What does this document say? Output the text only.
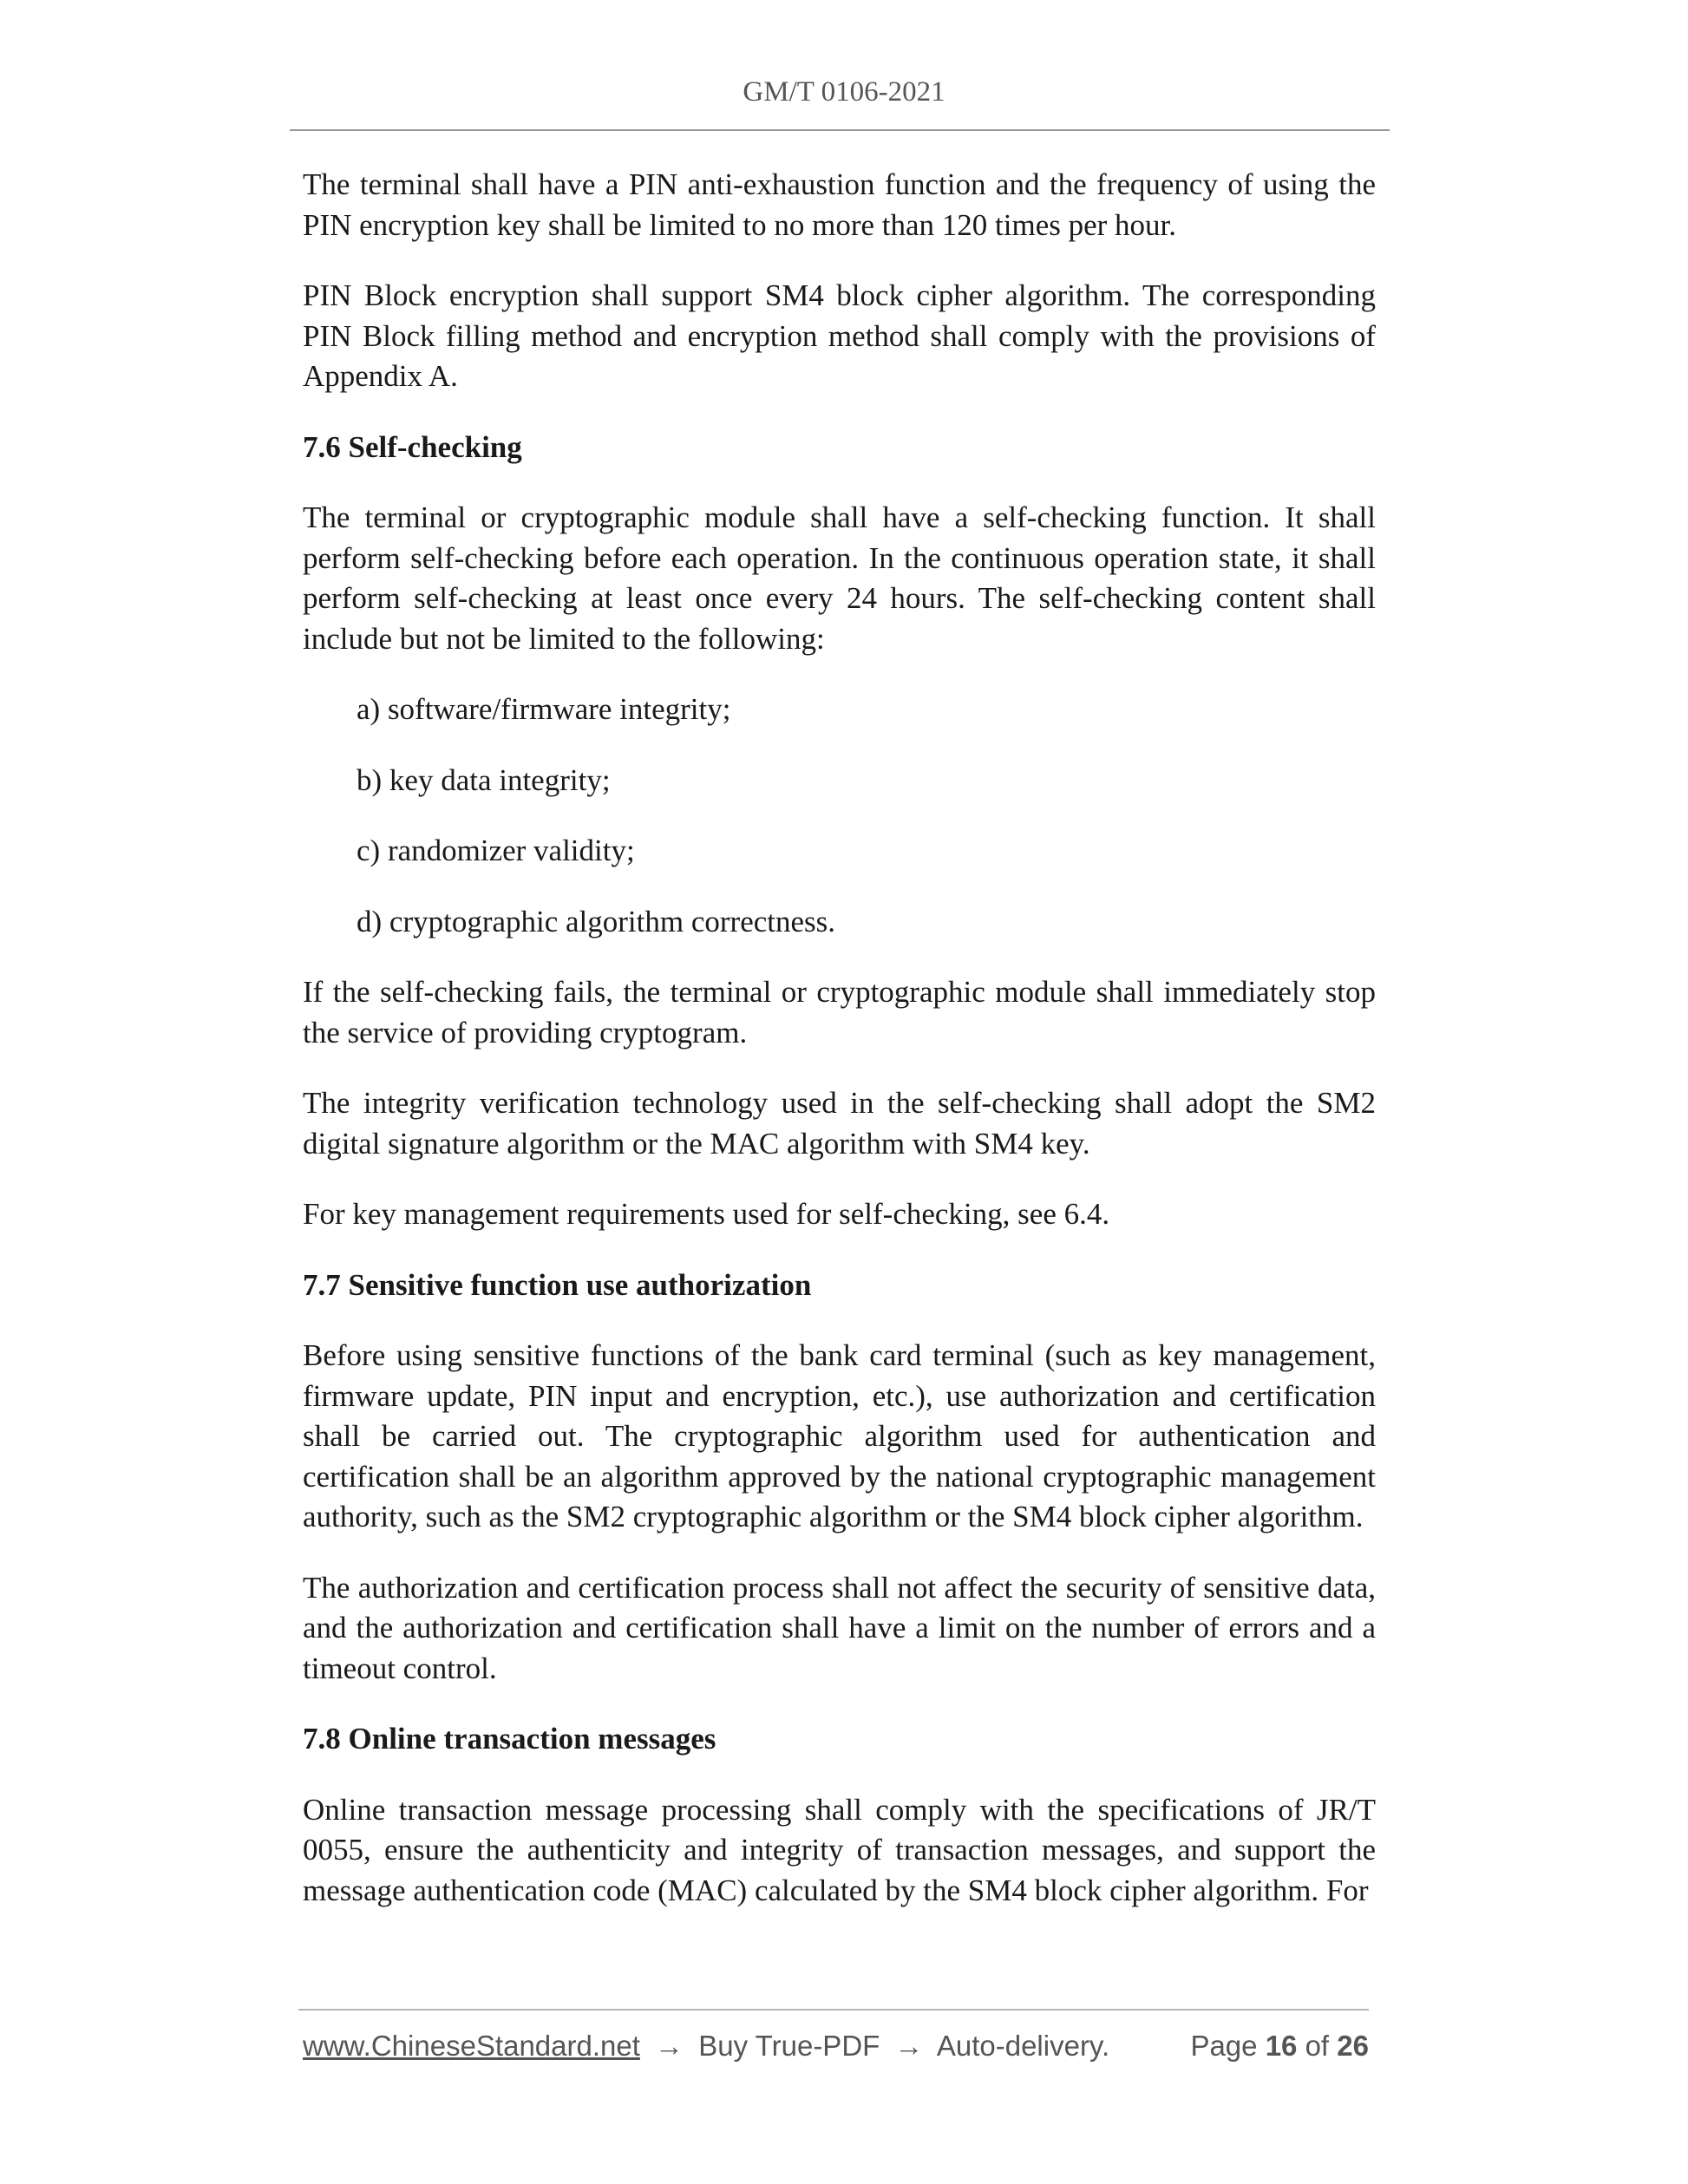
GM/T 0106-2021

The terminal shall have a PIN anti-exhaustion function and the frequency of using the PIN encryption key shall be limited to no more than 120 times per hour.

PIN Block encryption shall support SM4 block cipher algorithm. The corresponding PIN Block filling method and encryption method shall comply with the provisions of Appendix A.

7.6 Self-checking

The terminal or cryptographic module shall have a self-checking function. It shall perform self-checking before each operation. In the continuous operation state, it shall perform self-checking at least once every 24 hours. The self-checking content shall include but not be limited to the following:

a) software/firmware integrity;
b) key data integrity;
c) randomizer validity;
d) cryptographic algorithm correctness.

If the self-checking fails, the terminal or cryptographic module shall immediately stop the service of providing cryptogram.

The integrity verification technology used in the self-checking shall adopt the SM2 digital signature algorithm or the MAC algorithm with SM4 key.

For key management requirements used for self-checking, see 6.4.

7.7 Sensitive function use authorization

Before using sensitive functions of the bank card terminal (such as key management, firmware update, PIN input and encryption, etc.), use authorization and certification shall be carried out. The cryptographic algorithm used for authentication and certification shall be an algorithm approved by the national cryptographic management authority, such as the SM2 cryptographic algorithm or the SM4 block cipher algorithm.

The authorization and certification process shall not affect the security of sensitive data, and the authorization and certification shall have a limit on the number of errors and a timeout control.

7.8 Online transaction messages

Online transaction message processing shall comply with the specifications of JR/T 0055, ensure the authenticity and integrity of transaction messages, and support the message authentication code (MAC) calculated by the SM4 block cipher algorithm. For

www.ChineseStandard.net → Buy True-PDF → Auto-delivery.	Page 16 of 26
